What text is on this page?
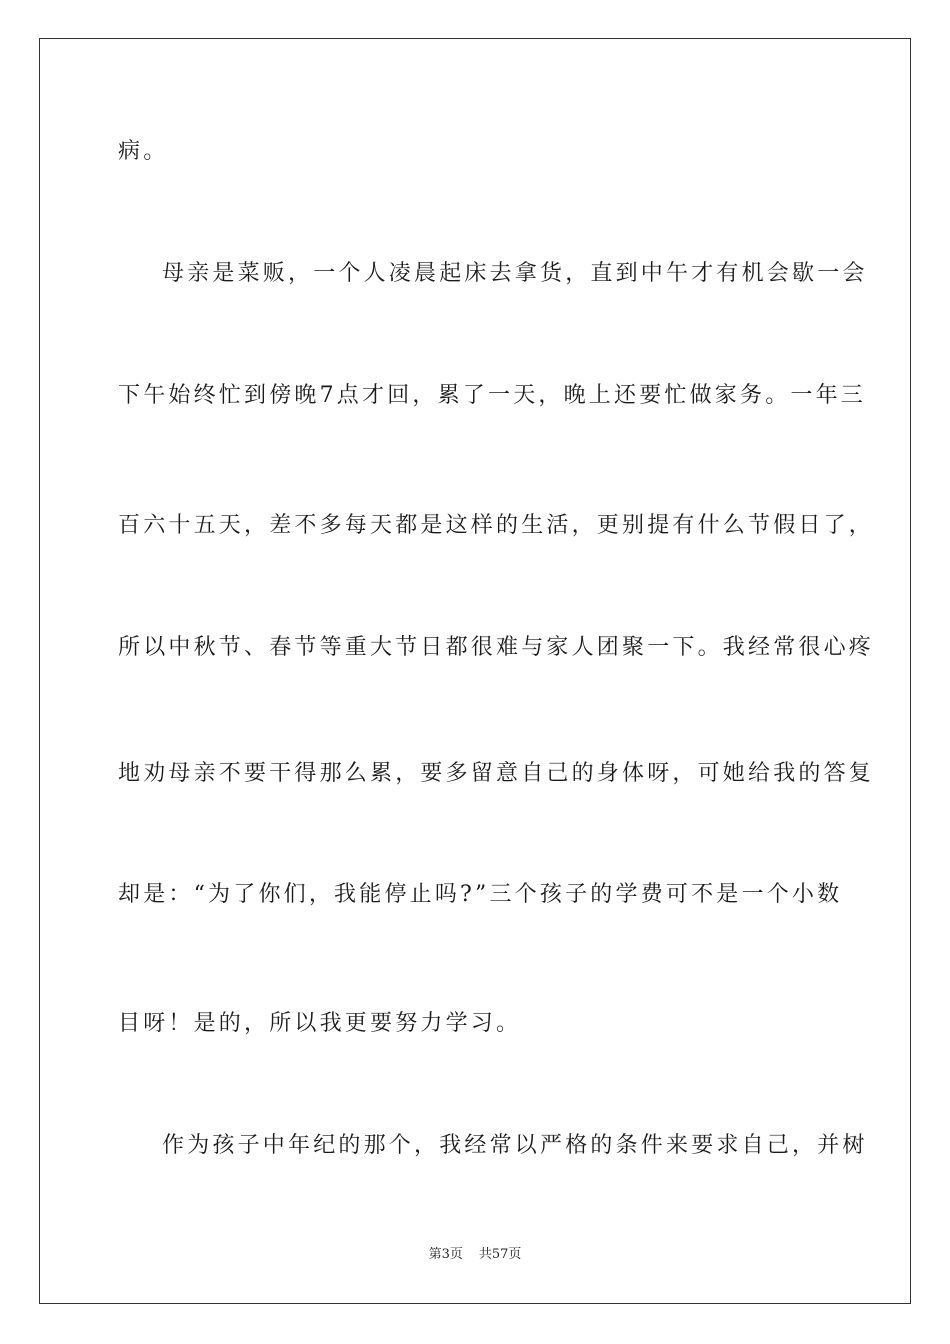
病。
母亲是菜贩，一个人凌晨起床去拿货，直到中午才有机会歇一会
下午始终忙到傍晚7点才回，累了一天，晚上还要忙做家务。一年三
百六十五天，差不多每天都是这样的生活，更别提有什么节假日了，
所以中秋节、春节等重大节日都很难与家人团聚一下。我经常很心疼
地劝母亲不要干得那么累，要多留意自己的身体呀，可她给我的答复
却是：“为了你们，我能停止吗?”三个孩子的学费可不是一个小数
目呀！是的，所以我更要努力学习。
作为孩子中年纪的那个，我经常以严格的条件来要求自己，并树
第3页 共57页
